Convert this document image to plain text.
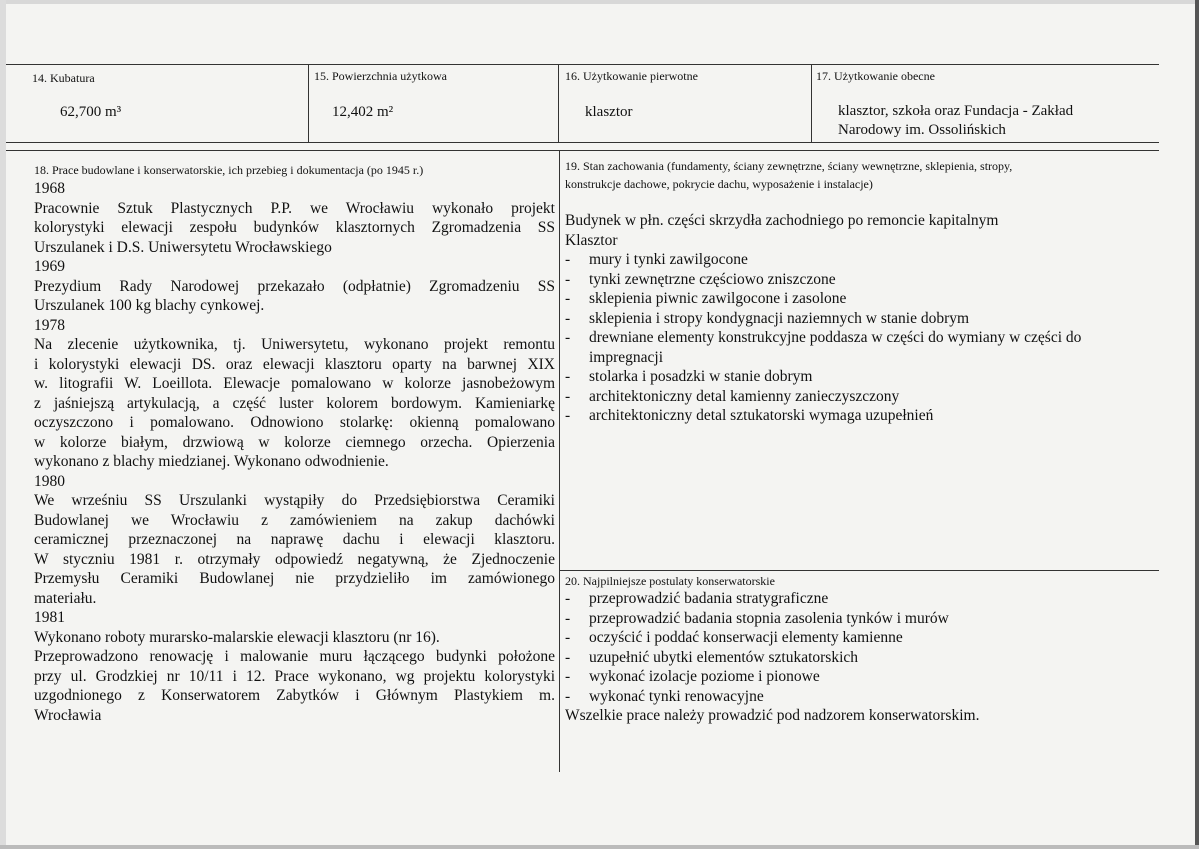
14. Kubatura
62,700 m³
15. Powierzchnia użytkowa
12,402 m²
16. Użytkowanie pierwotne
klasztor
17. Użytkowanie obecne
klasztor, szkoła oraz Fundacja - Zakład
Narodowy im. Ossolińskich
18. Prace budowlane i konserwatorskie, ich przebieg i dokumentacja (po 1945 r.)
1968
Pracownie Sztuk Plastycznych P.P. we Wrocławiu wykonało projekt
kolorystyki elewacji zespołu budynków klasztornych Zgromadzenia SS
Urszulanek i D.S. Uniwersytetu Wrocławskiego
1969
Prezydium Rady Narodowej przekazało (odpłatnie) Zgromadzeniu SS
Urszulanek 100 kg blachy cynkowej.
1978
Na zlecenie użytkownika, tj. Uniwersytetu, wykonano projekt remontu
i kolorystyki elewacji DS. oraz elewacji klasztoru oparty na barwnej XIX
w. litografii W. Loeillota. Elewacje pomalowano w kolorze jasnobeżowym
z jaśniejszą artykulacją, a część luster kolorem bordowym. Kamieniarkę
oczyszczono i pomalowano. Odnowiono stolarkę: okienną pomalowano
w kolorze białym, drzwiową w kolorze ciemnego orzecha. Opierzenia
wykonano z blachy miedzianej. Wykonano odwodnienie.
1980
We wrześniu SS Urszulanki wystąpiły do Przedsiębiorstwa Ceramiki
Budowlanej we Wrocławiu z zamówieniem na zakup dachówki
ceramicznej przeznaczonej na naprawę dachu i elewacji klasztoru.
W styczniu 1981 r. otrzymały odpowiedź negatywną, że Zjednoczenie
Przemysłu Ceramiki Budowlanej nie przydzieliło im zamówionego
materiału.
1981
Wykonano roboty murarsko-malarskie elewacji klasztoru (nr 16).
Przeprowadzono renowację i malowanie muru łączącego budynki położone
przy ul. Grodzkiej nr 10/11 i 12. Prace wykonano, wg projektu kolorystyki
uzgodnionego z Konserwatorem Zabytków i Głównym Plastykiem m.
Wrocławia
19. Stan zachowania (fundamenty, ściany zewnętrzne, ściany wewnętrzne, sklepienia, stropy,
konstrukcje dachowe, pokrycie dachu, wyposażenie i instalacje)
Budynek w płn. części skrzydła zachodniego po remoncie kapitalnym
Klasztor
- mury i tynki zawilgocone
- tynki zewnętrzne częściowo zniszczone
- sklepienia piwnic zawilgocone i zasolone
- sklepienia i stropy kondygnacji naziemnych w stanie dobrym
- drewniane elementy konstrukcyjne poddasza w części do wymiany w części do
impregnacji
- stolarka i posadzki w stanie dobrym
- architektoniczny detal kamienny zanieczyszczony
- architektoniczny detal sztukatorski wymaga uzupełnień
20. Najpilniejsze postulaty konserwatorskie
- przeprowadzić badania stratygraficzne
- przeprowadzić badania stopnia zasolenia tynków i murów
- oczyścić i poddać konserwacji elementy kamienne
- uzupełnić ubytki elementów sztukatorskich
- wykonać izolacje poziome i pionowe
- wykonać tynki renowacyjne
Wszelkie prace należy prowadzić pod nadzorem konserwatorskim.
